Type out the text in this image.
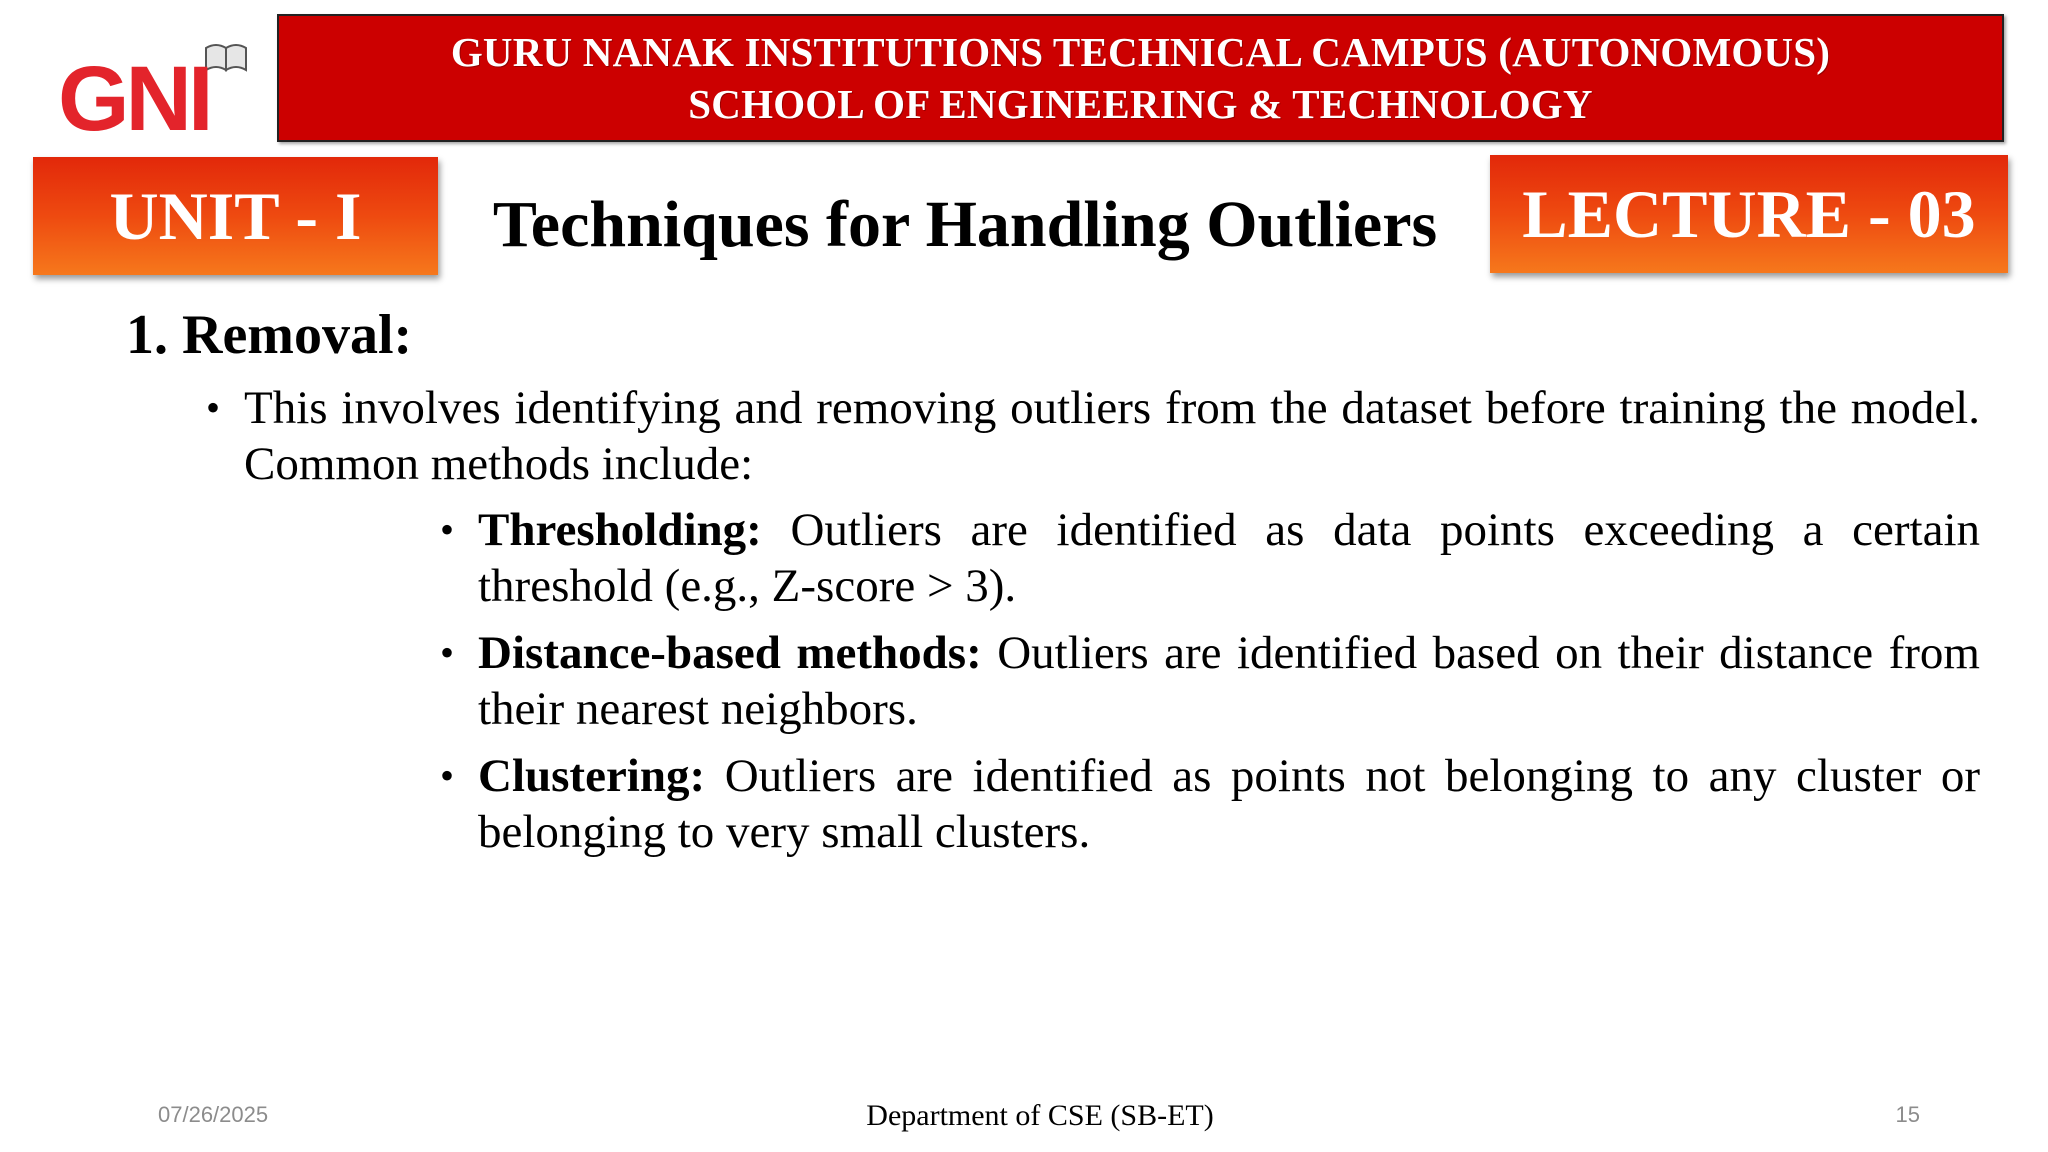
GNI	GURU NANAK INSTITUTIONS TECHNICAL CAMPUS (AUTONOMOUS)
SCHOOL OF ENGINEERING & TECHNOLOGY
UNIT - I	Techniques for Handling Outliers	LECTURE - 03
1. Removal:
• This involves identifying and removing outliers from the dataset before training the model. Common methods include:
• Thresholding: Outliers are identified as data points exceeding a certain threshold (e.g., Z-score > 3).
• Distance-based methods: Outliers are identified based on their distance from their nearest neighbors.
• Clustering: Outliers are identified as points not belonging to any cluster or belonging to very small clusters.
07/26/2025	Department of CSE (SB-ET)	15
